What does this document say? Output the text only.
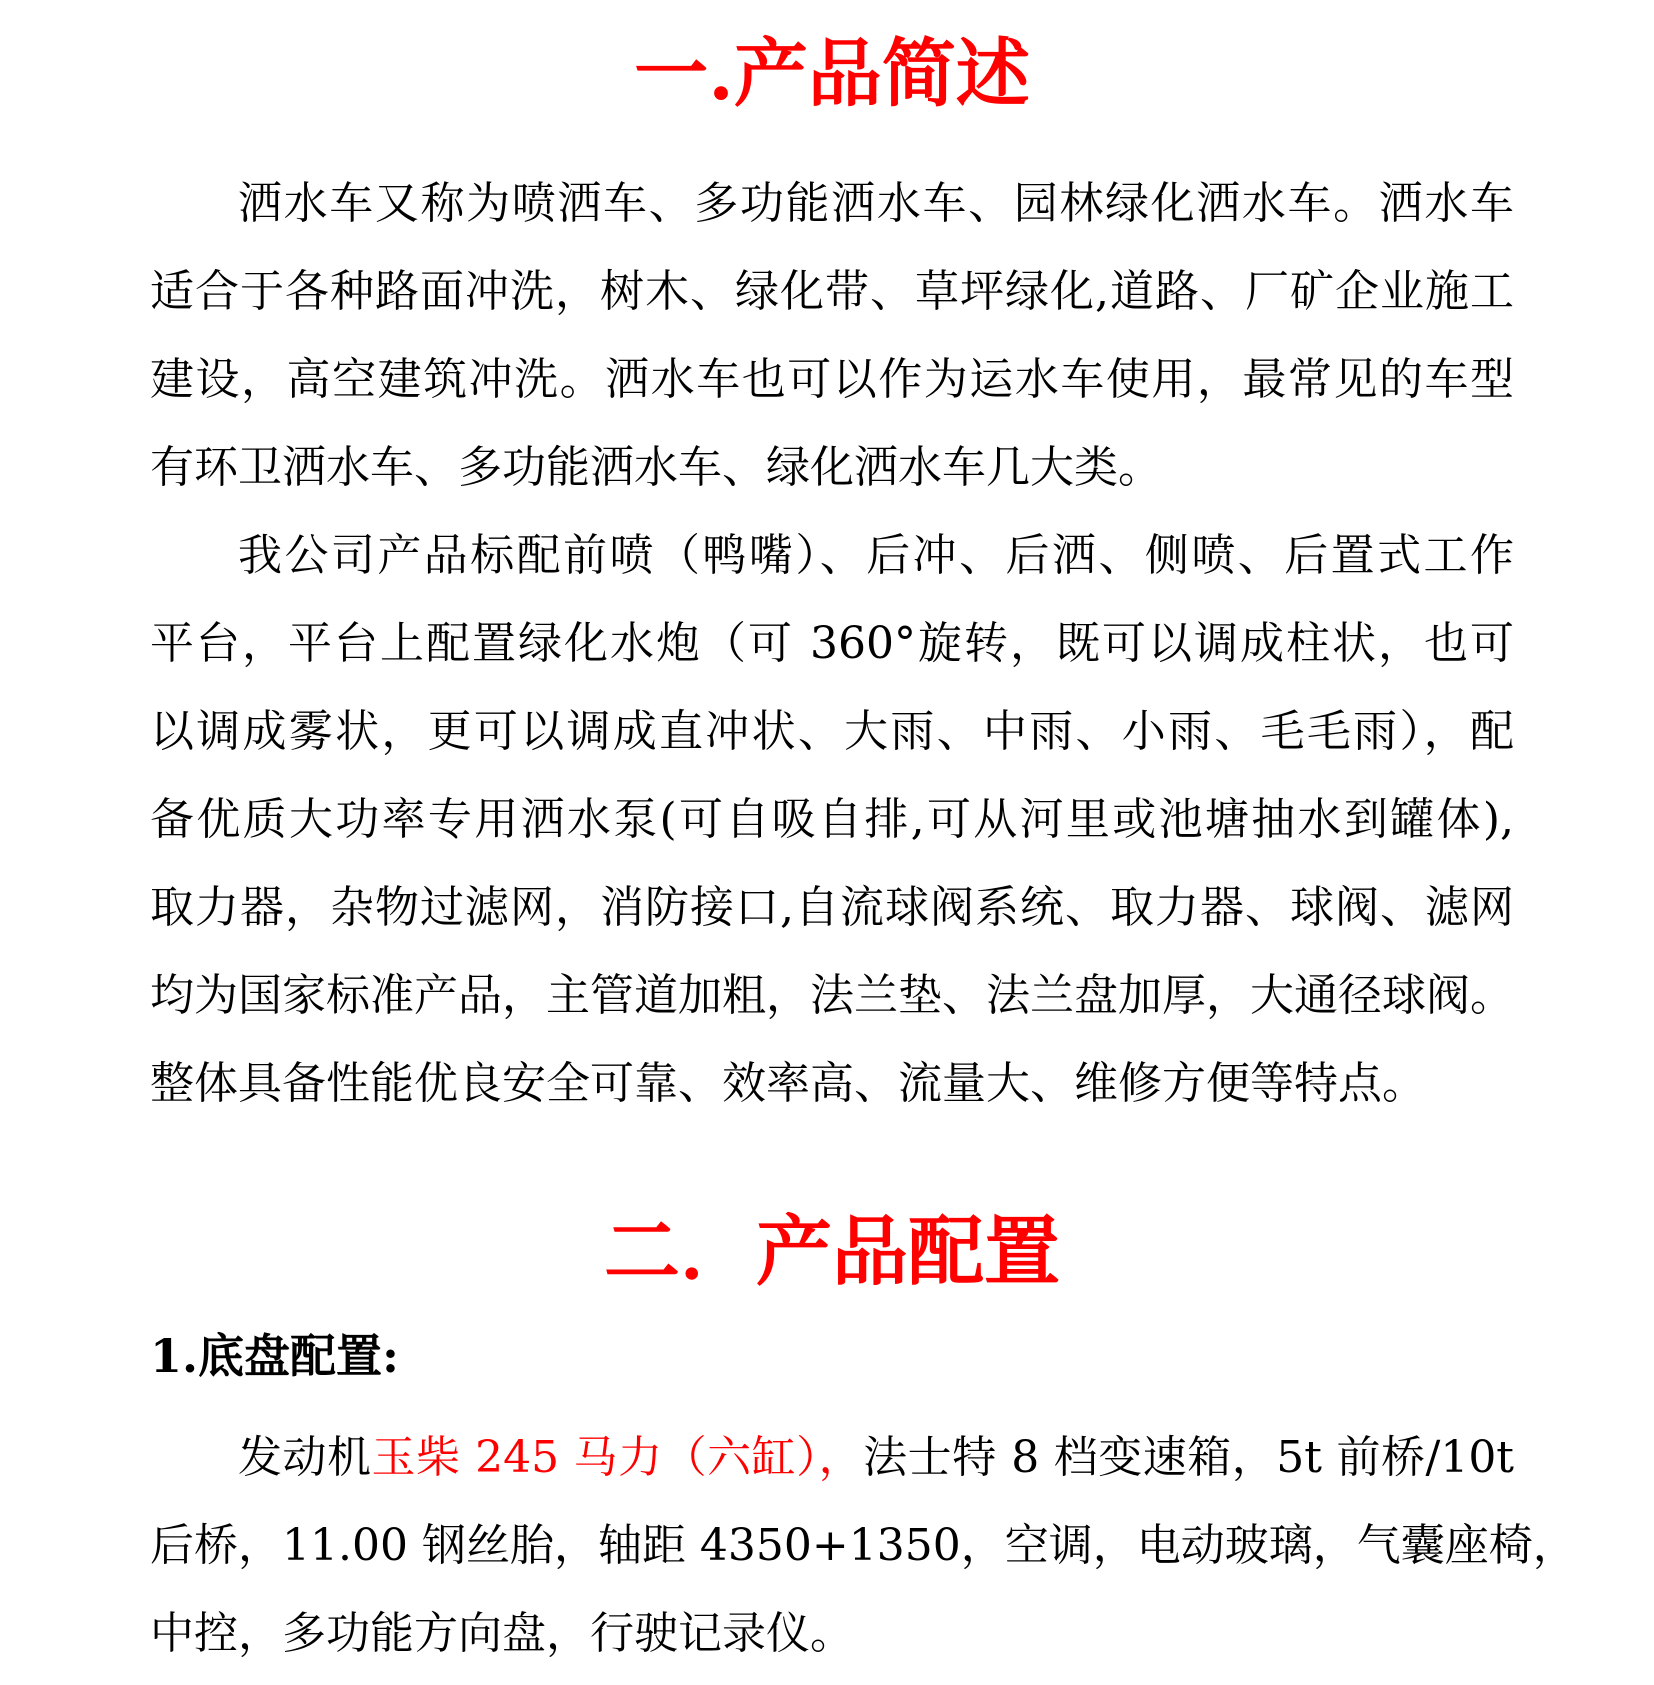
一.产品简述
洒水车又称为喷洒车、多功能洒水车、园林绿化洒水车。洒水车
适合于各种路面冲洗，树木、绿化带、草坪绿化,道路、厂矿企业施工
建设，高空建筑冲洗。洒水车也可以作为运水车使用，最常见的车型
有环卫洒水车、多功能洒水车、绿化洒水车几大类。
我公司产品标配前喷（鸭嘴）、后冲、后洒、侧喷、后置式工作
平台，平台上配置绿化水炮（可 360°旋转，既可以调成柱状，也可
以调成雾状，更可以调成直冲状、大雨、中雨、小雨、毛毛雨），配
备优质大功率专用洒水泵(可自吸自排,可从河里或池塘抽水到罐体),
取力器，杂物过滤网，消防接口,自流球阀系统、取力器、球阀、滤网
均为国家标准产品，主管道加粗，法兰垫、法兰盘加厚，大通径球阀。
整体具备性能优良安全可靠、效率高、流量大、维修方便等特点。
二．产品配置
1.底盘配置:
发动机玉柴 245 马力（六缸），法士特 8 档变速箱，5t 前桥/10t
后桥，11.00 钢丝胎，轴距 4350+1350，空调，电动玻璃，气囊座椅，
中控，多功能方向盘，行驶记录仪。
